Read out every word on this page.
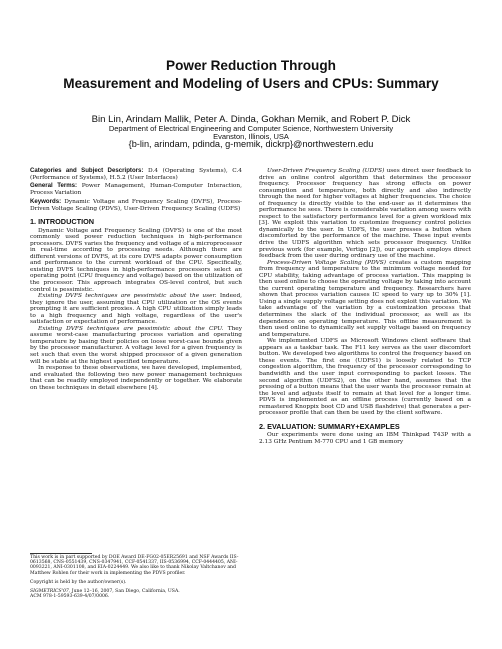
Power Reduction Through
Measurement and Modeling of Users and CPUs: Summary
Bin Lin, Arindam Mallik, Peter A. Dinda, Gokhan Memik, and Robert P. Dick
Department of Electrical Engineering and Computer Science, Northwestern University
Evanston, Illinois, USA
{b-lin, arindam, pdinda, g-memik, dickrp}@northwestern.edu

Categories and Subject Descriptors: D.4 (Operating Systems), C.4 (Performance of Systems), H.5.2 (User Interfaces)

General Terms: Power Management, Human-Computer Interaction, Process Variation

Keywords: Dynamic Voltage and Frequency Scaling (DVFS), Process-Driven Voltage Scaling (PDVS), User-Driven Frequency Scaling (UDFS)

1. INTRODUCTION

Dynamic Voltage and Frequency Scaling (DVFS) is one of the most commonly used power reduction techniques in high-performance processors. DVFS varies the frequency and voltage of a microprocessor in real-time according to processing needs. Although there are different versions of DVFS, at its core DVFS adapts power consumption and performance to the current workload of the CPU. Specifically, existing DVFS techniques in high-performance processors select an operating point (CPU frequency and voltage) based on the utilization of the processor. This approach integrates OS-level control, but such control is pessimistic.

Existing DVFS techniques are pessimistic about the user. Indeed, they ignore the user, assuming that CPU utilization or the OS events prompting it are sufficient proxies. A high CPU utilization simply leads to a high frequency and high voltage, regardless of the user's satisfaction or expectation of performance.

Existing DVFS techniques are pessimistic about the CPU. They assume worst-case manufacturing process variation and operating temperature by basing their policies on loose worst-case bounds given by the processor manufacturer. A voltage level for a given frequency is set such that even the worst shipped processor of a given generation will be stable at the highest specified temperature.

In response to these observations, we have developed, implemented, and evaluated the following two new power management techniques that can be readily employed independently or together. We elaborate on these techniques in detail elsewhere [4].

This work is in part supported by DOE Award DE-FG02-05ER25691 and NSF Awards IIS-0613568, CNS-0551439, CNS-0347941, CCF-0541337, IIS-0536994, CCF-0444405, ANI-0093221, ANI-0301108, and EIA-0224449. We also like to thank Nikolay Valtchanov and Matthew Rohlen for their work in implementing the PDVS profiler.

Copyright is held by the author/owner(s).

SIGMETRICS'07, June 12–16, 2007, San Diego, California, USA.

ACM 978-1-59593-639-4/07/0006.

User-Driven Frequency Scaling (UDFS) uses direct user feedback to drive an online control algorithm that determines the processor frequency. Processor frequency has strong effects on power consumption and temperature, both directly and also indirectly through the need for higher voltages at higher frequencies. The choice of frequency is directly visible to the end-user as it determines the performance he sees. There is considerable variation among users with respect to the satisfactory performance level for a given workload mix [3]. We exploit this variation to customize frequency control policies dynamically to the user. In UDFS, the user presses a button when discomforted by the performance of the machine. These input events drive the UDFS algorithm which sets processor frequency. Unlike previous work (for example, Vertigo [2]), our approach employs direct feedback from the user during ordinary use of the machine.

Process-Driven Voltage Scaling (PDVS) creates a custom mapping from frequency and temperature to the minimum voltage needed for CPU stability, taking advantage of process variation. This mapping is then used online to choose the operating voltage by taking into account the current operating temperature and frequency. Researchers have shown that process variation causes IC speed to vary up to 30% [1]. Using a single supply voltage setting does not exploit this variation. We take advantage of the variation by a customization process that determines the slack of the individual processor, as well as its dependence on operating temperature. This offline measurement is then used online to dynamically set supply voltage based on frequency and temperature.

We implemented UDFS as Microsoft Windows client software that appears as a taskbar task. The F11 key serves as the user discomfort button. We developed two algorithms to control the frequency based on these events. The first one (UDFS1) is loosely related to TCP congestion algorithm, the frequency of the processor corresponding to bandwidth and the user input corresponding to packet losses. The second algorithm (UDFS2), on the other hand, assumes that the pressing of a button means that the user wants the processor remain at the level and adjusts itself to remain at that level for a longer time. PDVS is implemented as an offline process (currently based on a remastered Knoppix boot CD and USB flashdrive) that generates a per-processor profile that can then be used by the client software.

2. EVALUATION: SUMMARY+EXAMPLES

Our experiments were done using an IBM Thinkpad T43P with a 2.13 GHz Pentium M-770 CPU and 1 GB memory
